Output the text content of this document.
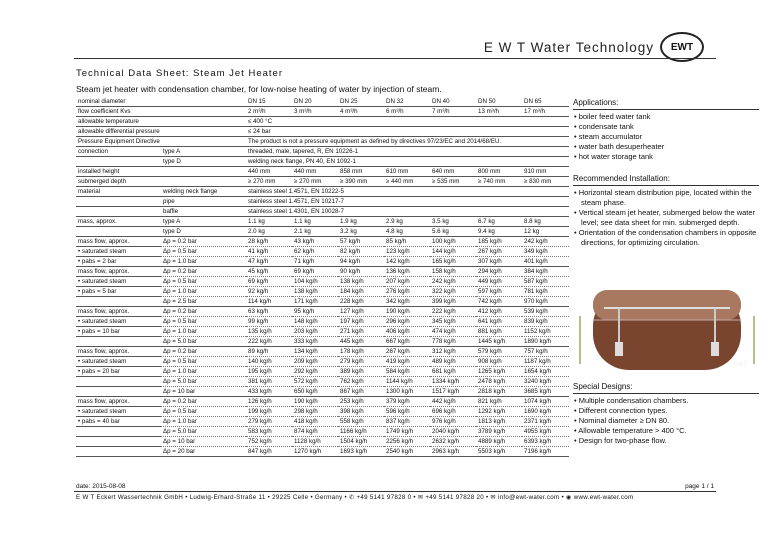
E W T Water Technology	EWT
Technical Data Sheet: Steam Jet Heater
Steam jet heater with condensation chamber, for low-noise heating of water by injection of steam.
nominal diameter		DN 15	DN 20	DN 25	DN 32	DN 40	DN 50	DN 65
flow coefficient Kvs		2 m³/h	3 m³/h	4 m³/h	6 m³/h	7 m³/h	13 m³/h	17 m³/h
allowable temperature		≤ 400 °C						
allowable differential pressure		≤ 24 bar						
Pressure Equipment Directive		The product is not a pressure equipment as defined by directives 97/23/EC and 2014/68/EU.						
connection	type A	threaded, male, tapered, R, EN 10226-1						
	type D	welding neck flange, PN 40, EN 1092-1						
installed height		440 mm	440 mm	858 mm	610 mm	640 mm	800 mm	910 mm
submerged depth		≥ 270 mm	≥ 270 mm	≥ 390 mm	≥ 440 mm	≥ 535 mm	≥ 740 mm	≥ 830 mm
material	welding neck flange	stainless steel 1.4571, EN 10222-5						
	pipe	stainless steel 1.4571, EN 10217-7						
	baffle	stainless steel 1.4301, EN 10028-7						
mass, approx.	type A	1.1 kg	1.1 kg	1.9 kg	2.9 kg	3.5 kg	6.7 kg	8.8 kg
	type D	2.0 kg	2.1 kg	3.2 kg	4.8 kg	5.6 kg	9.4 kg	12 kg
mass flow, approx.	Δp = 0.2 bar	28 kg/h	43 kg/h	57 kg/h	85 kg/h	100 kg/h	185 kg/h	242 kg/h
• saturated steam	Δp = 0.5 bar	41 kg/h	62 kg/h	82 kg/h	123 kg/h	144 kg/h	267 kg/h	349 kg/h
• pabs = 2 bar	Δp = 1.0 bar	47 kg/h	71 kg/h	94 kg/h	142 kg/h	165 kg/h	307 kg/h	401 kg/h
mass flow, approx.	Δp = 0.2 bar	45 kg/h	69 kg/h	90 kg/h	136 kg/h	158 kg/h	294 kg/h	384 kg/h
• saturated steam	Δp = 0.5 bar	69 kg/h	104 kg/h	138 kg/h	207 kg/h	242 kg/h	449 kg/h	587 kg/h
• pabs = 5 bar	Δp = 1.0 bar	92 kg/h	138 kg/h	184 kg/h	276 kg/h	322 kg/h	597 kg/h	781 kg/h
	Δp = 2.5 bar	114 kg/h	171 kg/h	228 kg/h	342 kg/h	399 kg/h	742 kg/h	970 kg/h
mass flow, approx.	Δp = 0.2 bar	63 kg/h	95 kg/h	127 kg/h	190 kg/h	222 kg/h	412 kg/h	539 kg/h
• saturated steam	Δp = 0.5 bar	99 kg/h	148 kg/h	197 kg/h	296 kg/h	345 kg/h	641 kg/h	839 kg/h
• pabs = 10 bar	Δp = 1.0 bar	135 kg/h	203 kg/h	271 kg/h	406 kg/h	474 kg/h	881 kg/h	1152 kg/h
	Δp = 5.0 bar	222 kg/h	333 kg/h	445 kg/h	667 kg/h	778 kg/h	1445 kg/h	1890 kg/h
mass flow, approx.	Δp = 0.2 bar	89 kg/h	134 kg/h	178 kg/h	267 kg/h	312 kg/h	579 kg/h	757 kg/h
• saturated steam	Δp = 0.5 bar	140 kg/h	209 kg/h	279 kg/h	419 kg/h	489 kg/h	908 kg/h	1187 kg/h
• pabs = 20 bar	Δp = 1.0 bar	195 kg/h	292 kg/h	389 kg/h	584 kg/h	681 kg/h	1265 kg/h	1654 kg/h
	Δp = 5.0 bar	381 kg/h	572 kg/h	762 kg/h	1144 kg/h	1334 kg/h	2478 kg/h	3240 kg/h
	Δp = 10 bar	433 kg/h	650 kg/h	867 kg/h	1300 kg/h	1517 kg/h	2818 kg/h	3685 kg/h
mass flow, approx.	Δp = 0.2 bar	126 kg/h	190 kg/h	253 kg/h	379 kg/h	442 kg/h	821 kg/h	1074 kg/h
• saturated steam	Δp = 0.5 bar	199 kg/h	298 kg/h	398 kg/h	596 kg/h	696 kg/h	1292 kg/h	1690 kg/h
• pabs = 40 bar	Δp = 1.0 bar	279 kg/h	418 kg/h	558 kg/h	837 kg/h	976 kg/h	1813 kg/h	2371 kg/h
	Δp = 5.0 bar	583 kg/h	874 kg/h	1166 kg/h	1749 kg/h	2040 kg/h	3789 kg/h	4955 kg/h
	Δp = 10 bar	752 kg/h	1128 kg/h	1504 kg/h	2256 kg/h	2632 kg/h	4889 kg/h	6393 kg/h
	Δp = 20 bar	847 kg/h	1270 kg/h	1693 kg/h	2540 kg/h	2963 kg/h	5503 kg/h	7196 kg/h
Applications:
• boiler feed water tank
• condensate tank
• steam accumulator
• water bath desuperheater
• hot water storage tank
Recommended Installation:
• Horizontal steam distribution pipe, located within the steam phase.
• Vertical steam jet heater, submerged below the water level; see data sheet for min. submerged depth.
• Orientation of the condensation chambers in opposite directions, for optimizing circulation.
EWT
Special Designs:
• Multiple condensation chambers.
• Different connection types.
• Nominal diameter ≥ DN 80.
• Allowable temperature > 400 °C.
• Design for two-phase flow.
date: 2015-08-08	page 1 / 1
E W T Eckert Wassertechnik GmbH • Ludwig-Erhard-Straße 11 • 29225 Celle • Germany • ✆ +49 5141 97828 0 • ✉ +49 5141 97828 20 • ✉ info@ewt-water.com • ◉ www.ewt-water.com
